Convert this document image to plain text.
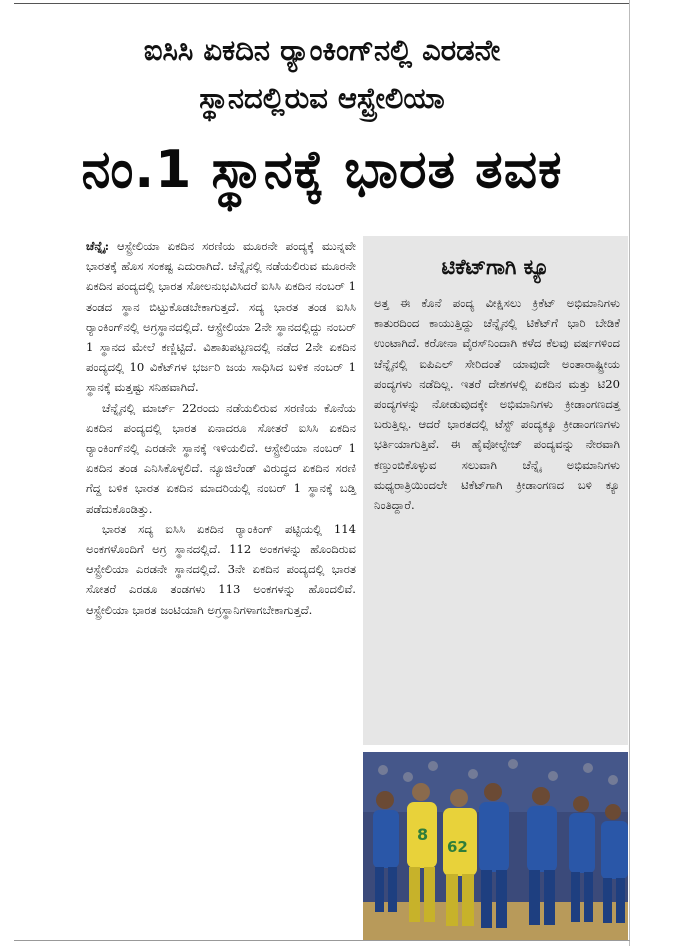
ಐಸಿಸಿ ಏಕದಿನ ರ್‍ಯಾಂಕಿಂಗ್‌ನಲ್ಲಿ ಎರಡನೇ
ಸ್ಥಾನದಲ್ಲಿರುವ ಆಸ್ಟ್ರೇಲಿಯಾ
ನಂ.1 ಸ್ಥಾನಕ್ಕೆ ಭಾರತ ತವಕ

ಚೆನ್ನೈ: ಆಸ್ಟ್ರೇಲಿಯಾ ಏಕದಿನ ಸರಣಿಯ ಮೂರನೇ ಪಂದ್ಯಕ್ಕೆ ಮುನ್ನವೇ ಭಾರತಕ್ಕೆ ಹೊಸ ಸಂಕಷ್ಟ ಎದುರಾಗಿದೆ. ಚೆನ್ನೈನಲ್ಲಿ ನಡೆಯಲಿರುವ ಮೂರನೇ ಏಕದಿನ ಪಂದ್ಯದಲ್ಲಿ ಭಾರತ ಸೋಲನುಭವಿಸಿದರೆ ಐಸಿಸಿ ಏಕದಿನ ನಂಬರ್ 1 ತಂಡದ ಸ್ಥಾನ ಬಿಟ್ಟುಕೊಡಬೇಕಾಗುತ್ತದೆ. ಸದ್ಯ ಭಾರತ ತಂಡ ಐಸಿಸಿ ರ್‍ಯಾಂಕಿಂಗ್‌ನಲ್ಲಿ ಅಗ್ರಸ್ಥಾನದಲ್ಲಿದೆ. ಆಸ್ಟ್ರೇಲಿಯಾ 2ನೇ ಸ್ಥಾನದಲ್ಲಿದ್ದು ನಂಬರ್ 1 ಸ್ಥಾನದ ಮೇಲೆ ಕಣ್ಣಿಟ್ಟಿದೆ. ವಿಶಾಖಪಟ್ಟಣದಲ್ಲಿ ನಡೆದ 2ನೇ ಏಕದಿನ ಪಂದ್ಯದಲ್ಲಿ 10 ವಿಕೆಟ್‌ಗಳ ಭರ್ಜರಿ ಜಯ ಸಾಧಿಸಿದ ಬಳಿಕ ನಂಬರ್ 1 ಸ್ಥಾನಕ್ಕೆ ಮತ್ತಷ್ಟು ಸನಿಹವಾಗಿದೆ.

ಚೆನ್ನೈನಲ್ಲಿ ಮಾರ್ಚ್ 22ರಂದು ನಡೆಯಲಿರುವ ಸರಣಿಯ ಕೊನೆಯ ಏಕದಿನ ಪಂದ್ಯದಲ್ಲಿ ಭಾರತ ಏನಾದರೂ ಸೋತರೆ ಐಸಿಸಿ ಏಕದಿನ ರ್‍ಯಾಂಕಿಂಗ್‌ನಲ್ಲಿ ಎರಡನೇ ಸ್ಥಾನಕ್ಕೆ ಇಳಿಯಲಿದೆ. ಆಸ್ಟ್ರೇಲಿಯಾ ನಂಬರ್ 1 ಏಕದಿನ ತಂಡ ಎನಿಸಿಕೊಳ್ಳಲಿದೆ. ನ್ಯೂಜಿಲೆಂಡ್ ವಿರುದ್ಧದ ಏಕದಿನ ಸರಣಿ ಗೆದ್ದ ಬಳಿಕ ಭಾರತ ಏಕದಿನ ಮಾದರಿಯಲ್ಲಿ ನಂಬರ್ 1 ಸ್ಥಾನಕ್ಕೆ ಬಡ್ತಿ ಪಡೆದುಕೊಂಡಿತ್ತು.

ಭಾರತ ಸದ್ಯ ಐಸಿಸಿ ಏಕದಿನ ರ್‍ಯಾಂಕಿಂಗ್ ಪಟ್ಟಿಯಲ್ಲಿ 114 ಅಂಕಗಳೊಂದಿಗೆ ಅಗ್ರ ಸ್ಥಾನದಲ್ಲಿದೆ. 112 ಅಂಕಗಳನ್ನು ಹೊಂದಿರುವ ಆಸ್ಟ್ರೇಲಿಯಾ ಎರಡನೇ ಸ್ಥಾನದಲ್ಲಿದೆ. 3ನೇ ಏಕದಿನ ಪಂದ್ಯದಲ್ಲಿ ಭಾರತ ಸೋತರೆ ಎರಡೂ ತಂಡಗಳು 113 ಅಂಕಗಳನ್ನು ಹೊಂದಲಿವೆ. ಆಸ್ಟ್ರೇಲಿಯಾ ಭಾರತ ಜಂಟಿಯಾಗಿ ಅಗ್ರಸ್ಥಾನಿಗಳಾಗಬೇಕಾಗುತ್ತದೆ.

ಟಿಕೆಟ್‌ಗಾಗಿ ಕ್ಯೂ

ಅತ್ತ ಈ ಕೊನೆ ಪಂದ್ಯ ವೀಕ್ಷಿಸಲು ಕ್ರಿಕೆಟ್ ಅಭಿಮಾನಿಗಳು ಕಾತುರದಿಂದ ಕಾಯುತ್ತಿದ್ದು ಚೆನ್ನೈನಲ್ಲಿ ಟಿಕೆಟ್‌ಗೆ ಭಾರಿ ಬೇಡಿಕೆ ಉಂಟಾಗಿದೆ. ಕರೋನಾ ವೈರಸ್‌ನಿಂದಾಗಿ ಕಳೆದ ಕೆಲವು ವರ್ಷಗಳಿಂದ ಚೆನ್ನೈನಲ್ಲಿ ಐಪಿಎಲ್ ಸೇರಿದಂತೆ ಯಾವುದೇ ಅಂತಾರಾಷ್ಟ್ರೀಯ ಪಂದ್ಯಗಳು ನಡೆದಿಲ್ಲ. ಇತರೆ ದೇಶಗಳಲ್ಲಿ ಏಕದಿನ ಮತ್ತು ಟಿ20 ಪಂದ್ಯಗಳನ್ನು ನೋಡುವುದಕ್ಕೇ ಅಭಿಮಾನಿಗಳು ಕ್ರೀಡಾಂಗಣದತ್ತ ಬರುತ್ತಿಲ್ಲ. ಆದರೆ ಭಾರತದಲ್ಲಿ ಟೆಸ್ಟ್ ಪಂದ್ಯಕ್ಕೂ ಕ್ರೀಡಾಂಗಣಗಳು ಭರ್ತಿಯಾಗುತ್ತಿವೆ. ಈ ಹೈವೋಲ್ಟೇಜ್ ಪಂದ್ಯವನ್ನು ನೇರವಾಗಿ ಕಣ್ತುಂಬಿಕೊಳ್ಳುವ ಸಲುವಾಗಿ ಚೆನ್ನೈ ಅಭಿಮಾನಿಗಳು ಮಧ್ಯರಾತ್ರಿಯಿಂದಲೇ ಟಿಕೆಟ್‌ಗಾಗಿ ಕ್ರೀಡಾಂಗಣದ ಬಳಿ ಕ್ಯೂ ನಿಂತಿದ್ದಾರೆ.

8
62
